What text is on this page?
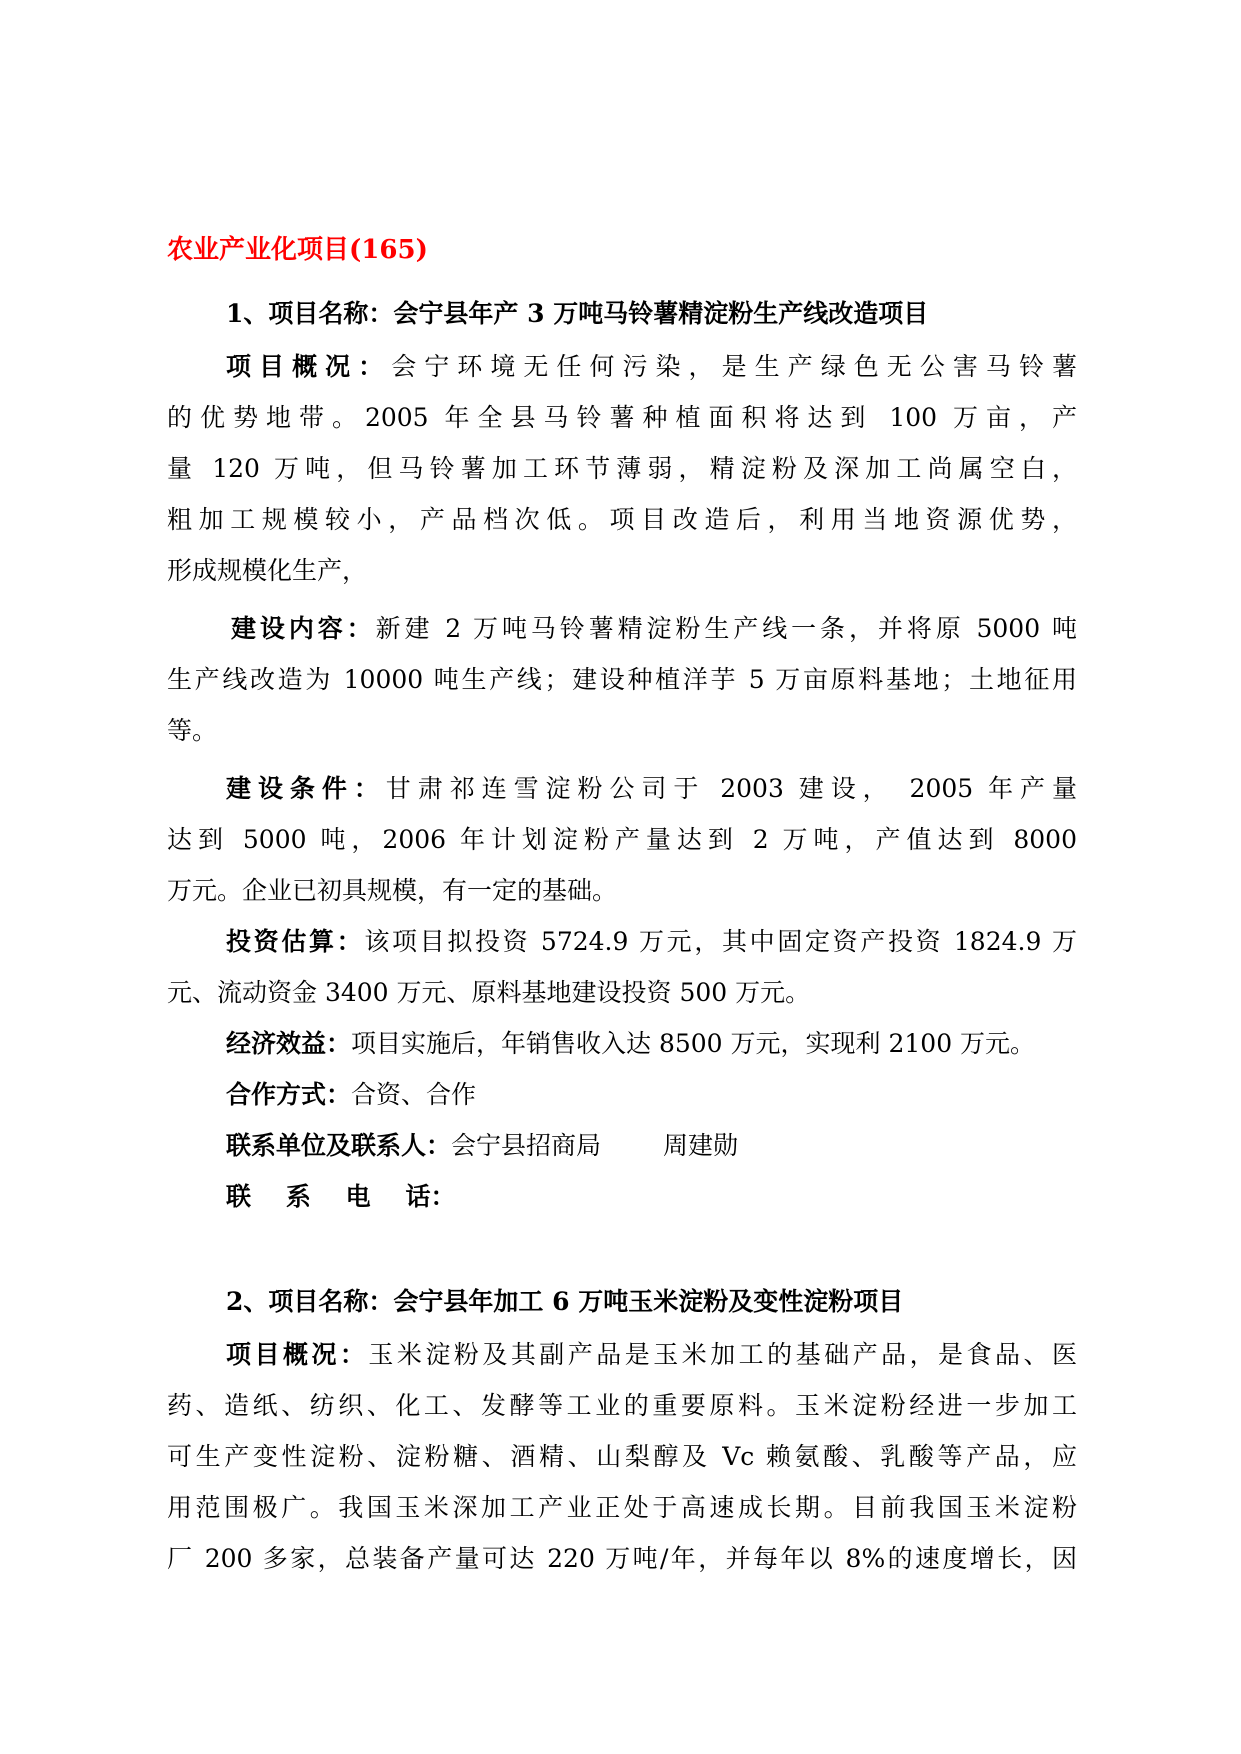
农业产业化项目(165)
1、项目名称：会宁县年产 3 万吨马铃薯精淀粉生产线改造项目
项目概况：会宁环境无任何污染，是生产绿色无公害马铃薯
的优势地带。2005 年全县马铃薯种植面积将达到 100 万亩，产
量 120 万吨，但马铃薯加工环节薄弱，精淀粉及深加工尚属空白，
粗加工规模较小，产品档次低。项目改造后，利用当地资源优势，
形成规模化生产，
建设内容：新建 2 万吨马铃薯精淀粉生产线一条，并将原 5000 吨
生产线改造为 10000 吨生产线；建设种植洋芋 5 万亩原料基地；土地征用
等。
建设条件：甘肃祁连雪淀粉公司于 2003 建设， 2005 年产量
达到 5000 吨，2006 年计划淀粉产量达到 2 万吨，产值达到 8000
万元。企业已初具规模，有一定的基础。
投资估算：该项目拟投资 5724.9 万元，其中固定资产投资 1824.9 万
元、流动资金 3400 万元、原料基地建设投资 500 万元。
经济效益：项目实施后，年销售收入达 8500 万元，实现利 2100 万元。
合作方式：合资、合作
联系单位及联系人：会宁县招商局 周建勋
联    系    电    话：
2、项目名称：会宁县年加工 6 万吨玉米淀粉及变性淀粉项目
项目概况：玉米淀粉及其副产品是玉米加工的基础产品，是食品、医
药、造纸、纺织、化工、发酵等工业的重要原料。玉米淀粉经进一步加工
可生产变性淀粉、淀粉糖、酒精、山梨醇及 Vc 赖氨酸、乳酸等产品，应
用范围极广。我国玉米深加工产业正处于高速成长期。目前我国玉米淀粉
厂 200 多家，总装备产量可达 220 万吨/年，并每年以 8%的速度增长，因
